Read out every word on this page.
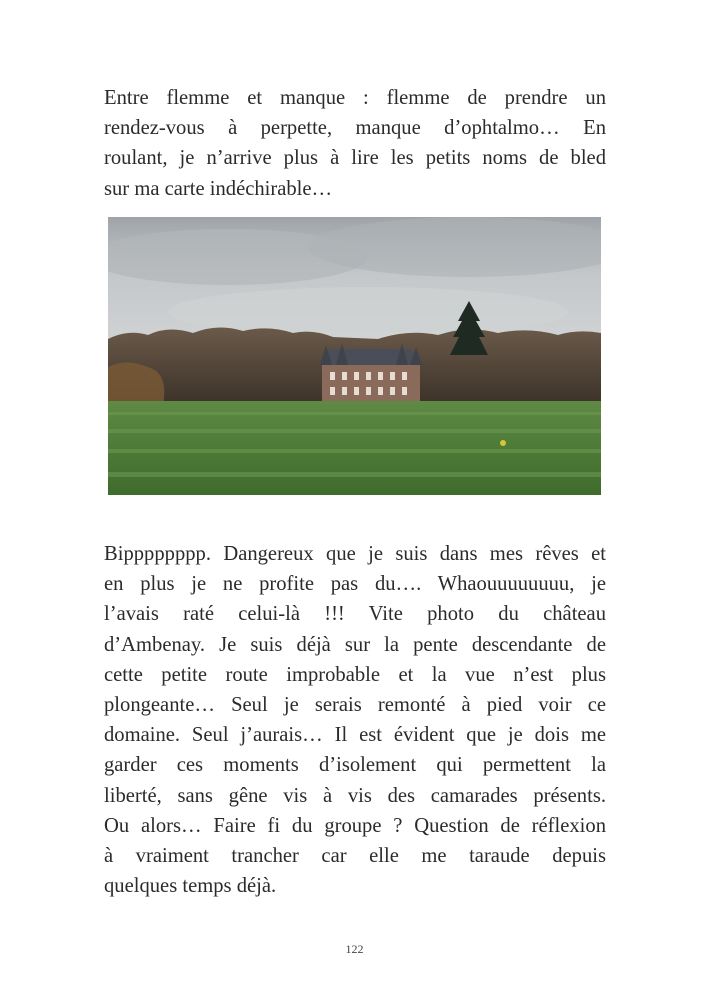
Entre flemme et manque : flemme de prendre un
rendez-vous à perpette, manque d’ophtalmo… En
roulant, je n’arrive plus à lire les petits noms de bled
sur ma carte indéchirable…

Bipppppppp. Dangereux que je suis dans mes rêves et
en plus je ne profite pas du…. Whaouuuuuuuu, je
l’avais raté celui-là !!! Vite photo du château
d’Ambenay. Je suis déjà sur la pente descendante de
cette petite route improbable et la vue n’est plus
plongeante… Seul je serais remonté à pied voir ce
domaine. Seul j’aurais… Il est évident que je dois me
garder ces moments d’isolement qui permettent la
liberté, sans gêne vis à vis des camarades présents.
Ou alors… Faire fi du groupe ? Question de réflexion
à vraiment trancher car elle me taraude depuis
quelques temps déjà.

122
